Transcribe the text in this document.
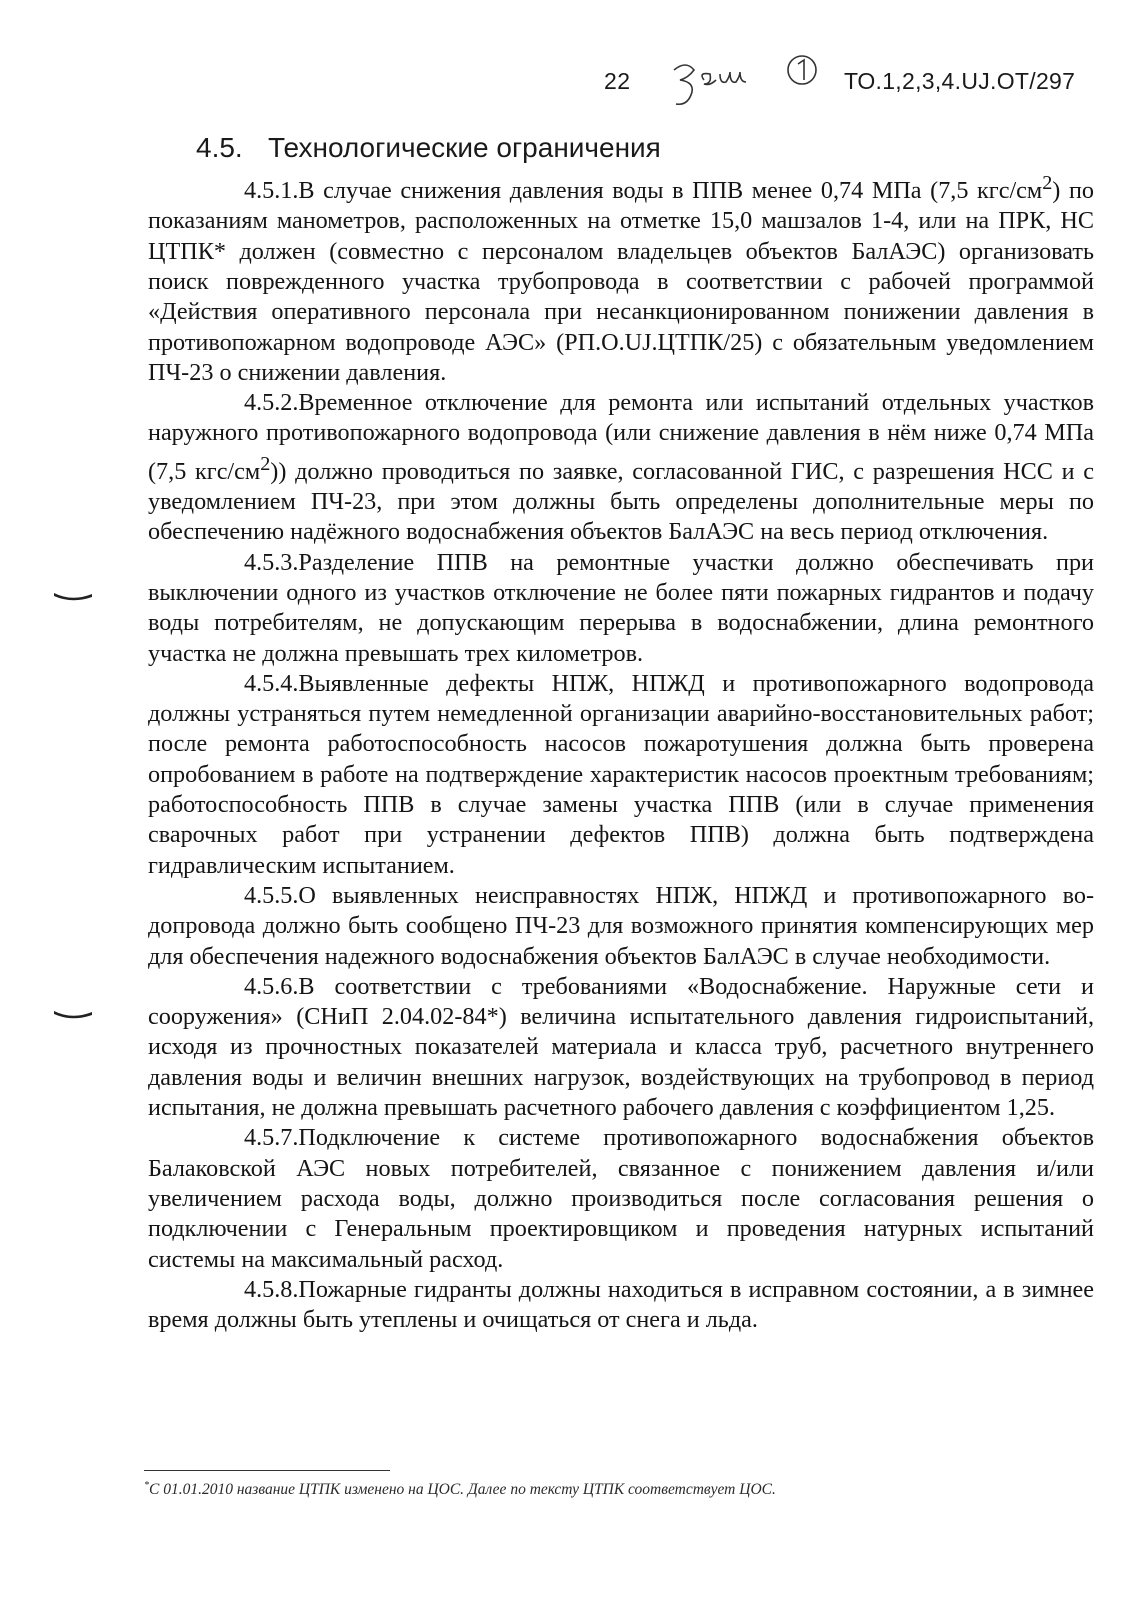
22	ТО.1,2,3,4.UJ.ОТ/297
4.5. Технологические ограничения

4.5.1.В случае снижения давления воды в ППВ менее 0,74 МПа (7,5 кгс/$см^2$) по показаниям манометров, расположенных на отметке 15,0 машзалов 1-4, или на ПРК, НС ЦТПК* должен (совместно с персоналом владельцев объектов БалАЭС) организовать поиск поврежденного участка трубопровода в соответствии с рабочей программой «Действия оперативного персонала при несанкционированном понижении давления в противопожарном водопроводе АЭС» (РП.О.UJ.ЦТПК/25) с обязательным уведомлением ПЧ-23 о снижении давления.

4.5.2.Временное отключение для ремонта или испытаний отдельных участков наружного противопожарного водопровода (или снижение давления в нём ниже 0,74 МПа (7,5 кгс/$см^2$)) должно проводиться по заявке, согласованной ГИС, с разрешения НСС и с уведомлением ПЧ-23, при этом должны быть определены дополнительные меры по обеспечению надёжного водоснабжения объектов БалАЭС на весь период отключения.

4.5.3.Разделение ППВ на ремонтные участки должно обеспечивать при выключении одного из участков отключение не более пяти пожарных гидрантов и подачу воды потребителям, не допускающим перерыва в водоснабжении, длина ремонтного участка не должна превышать трех километров.

4.5.4.Выявленные дефекты НПЖ, НПЖД и противопожарного водопровода должны устраняться путем немедленной организации аварийно-восстановительных работ; после ремонта работоспособность насосов пожаротушения должна быть проверена опробованием в работе на подтверждение характеристик насосов проектным требованиям; работоспособность ППВ в случае замены участка ППВ (или в случае применения сварочных работ при устранении дефектов ППВ) должна быть подтверждена гидравлическим испытанием.

4.5.5.О выявленных неисправностях НПЖ, НПЖД и противопожарного водопровода должно быть сообщено ПЧ-23 для возможного принятия компенсирующих мер для обеспечения надежного водоснабжения объектов БалАЭС в случае необходимости.

4.5.6.В соответствии с требованиями «Водоснабжение. Наружные сети и сооружения» (СНиП 2.04.02-84*) величина испытательного давления гидроиспытаний, исходя из прочностных показателей материала и класса труб, расчетного внутреннего давления воды и величин внешних нагрузок, воздействующих на трубопровод в период испытания, не должна превышать расчетного рабочего давления с коэффициентом 1,25.

4.5.7.Подключение к системе противопожарного водоснабжения объектов Балаковской АЭС новых потребителей, связанное с понижением давления и/или увеличением расхода воды, должно производиться после согласования решения о подключении с Генеральным проектировщиком и проведения натурных испытаний системы на максимальный расход.

4.5.8.Пожарные гидранты должны находиться в исправном состоянии, а в зимнее время должны быть утеплены и очищаться от снега и льда.

*С 01.01.2010 название ЦТПК изменено на ЦОС. Далее по тексту ЦТПК соответствует ЦОС.
